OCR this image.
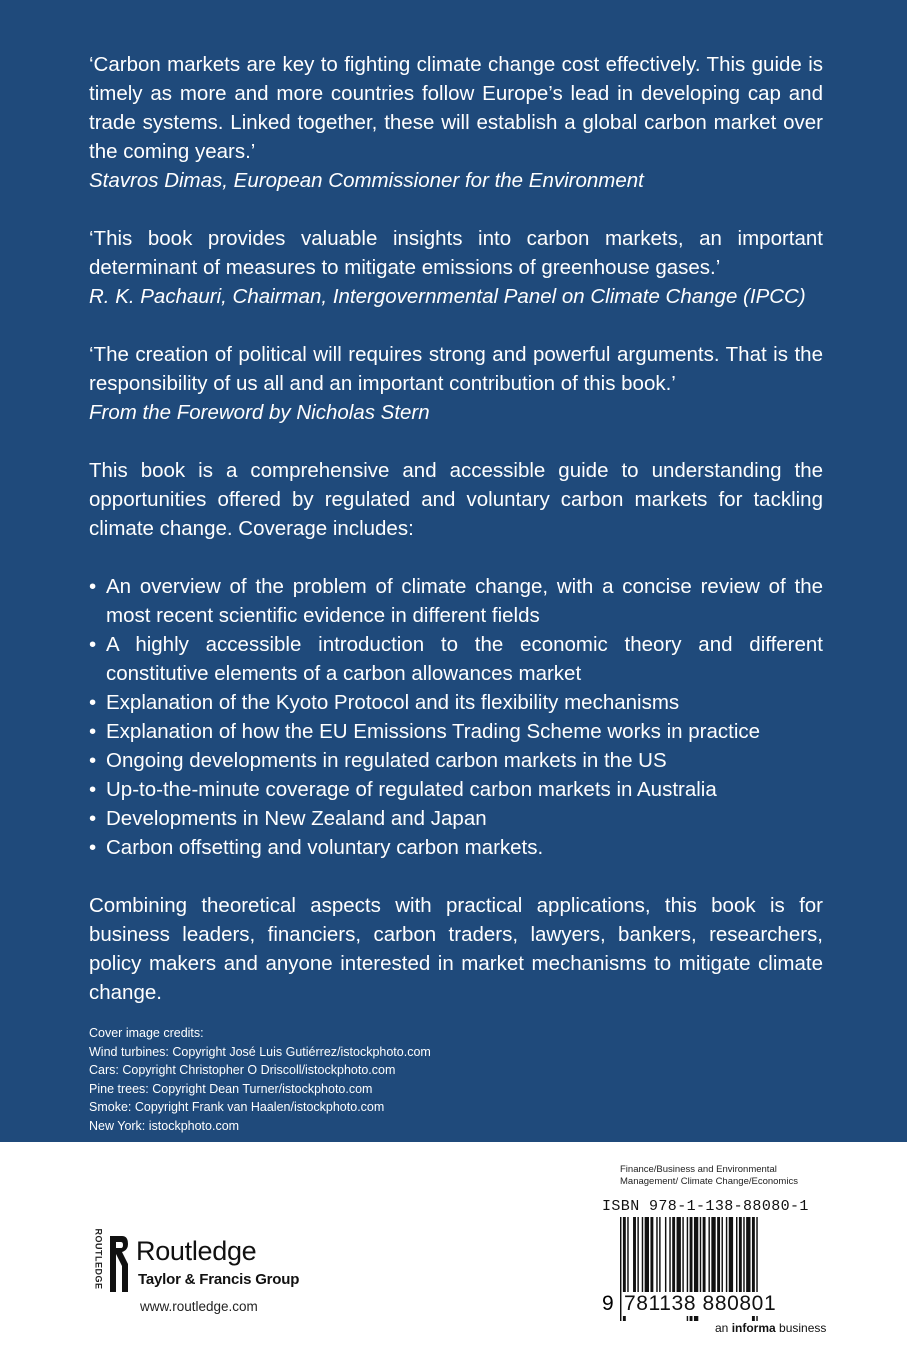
‘Carbon markets are key to fighting climate change cost effectively. This guide is timely as more and more countries follow Europe’s lead in developing cap and trade systems. Linked together, these will establish a global carbon market over the coming years.’

Stavros Dimas, European Commissioner for the Environment

‘This book provides valuable insights into carbon markets, an important determinant of measures to mitigate emissions of greenhouse gases.’

R. K. Pachauri, Chairman, Intergovernmental Panel on Climate Change (IPCC)

‘The creation of political will requires strong and powerful arguments. That is the responsibility of us all and an important contribution of this book.’

From the Foreword by Nicholas Stern

This book is a comprehensive and accessible guide to understanding the opportunities offered by regulated and voluntary carbon markets for tackling climate change. Coverage includes:

• An overview of the problem of climate change, with a concise review of the most recent scientific evidence in different fields
• A highly accessible introduction to the economic theory and different constitutive elements of a carbon allowances market
• Explanation of the Kyoto Protocol and its flexibility mechanisms
• Explanation of how the EU Emissions Trading Scheme works in practice
• Ongoing developments in regulated carbon markets in the US
• Up-to-the-minute coverage of regulated carbon markets in Australia
• Developments in New Zealand and Japan
• Carbon offsetting and voluntary carbon markets.

Combining theoretical aspects with practical applications, this book is for business leaders, financiers, carbon traders, lawyers, bankers, researchers, policy makers and anyone interested in market mechanisms to mitigate climate change.

Cover image credits:
Wind turbines: Copyright José Luis Gutiérrez/istockphoto.com
Cars: Copyright Christopher O Driscoll/istockphoto.com
Pine trees: Copyright Dean Turner/istockphoto.com
Smoke: Copyright Frank van Haalen/istockphoto.com
New York: istockphoto.com
ROUTLEDGE Routledge
Taylor & Francis Group
www.routledge.com
Finance/Business and Environmental Management/ Climate Change/Economics
ISBN 978-1-138-88080-1
9 781138 880801
an informa business
